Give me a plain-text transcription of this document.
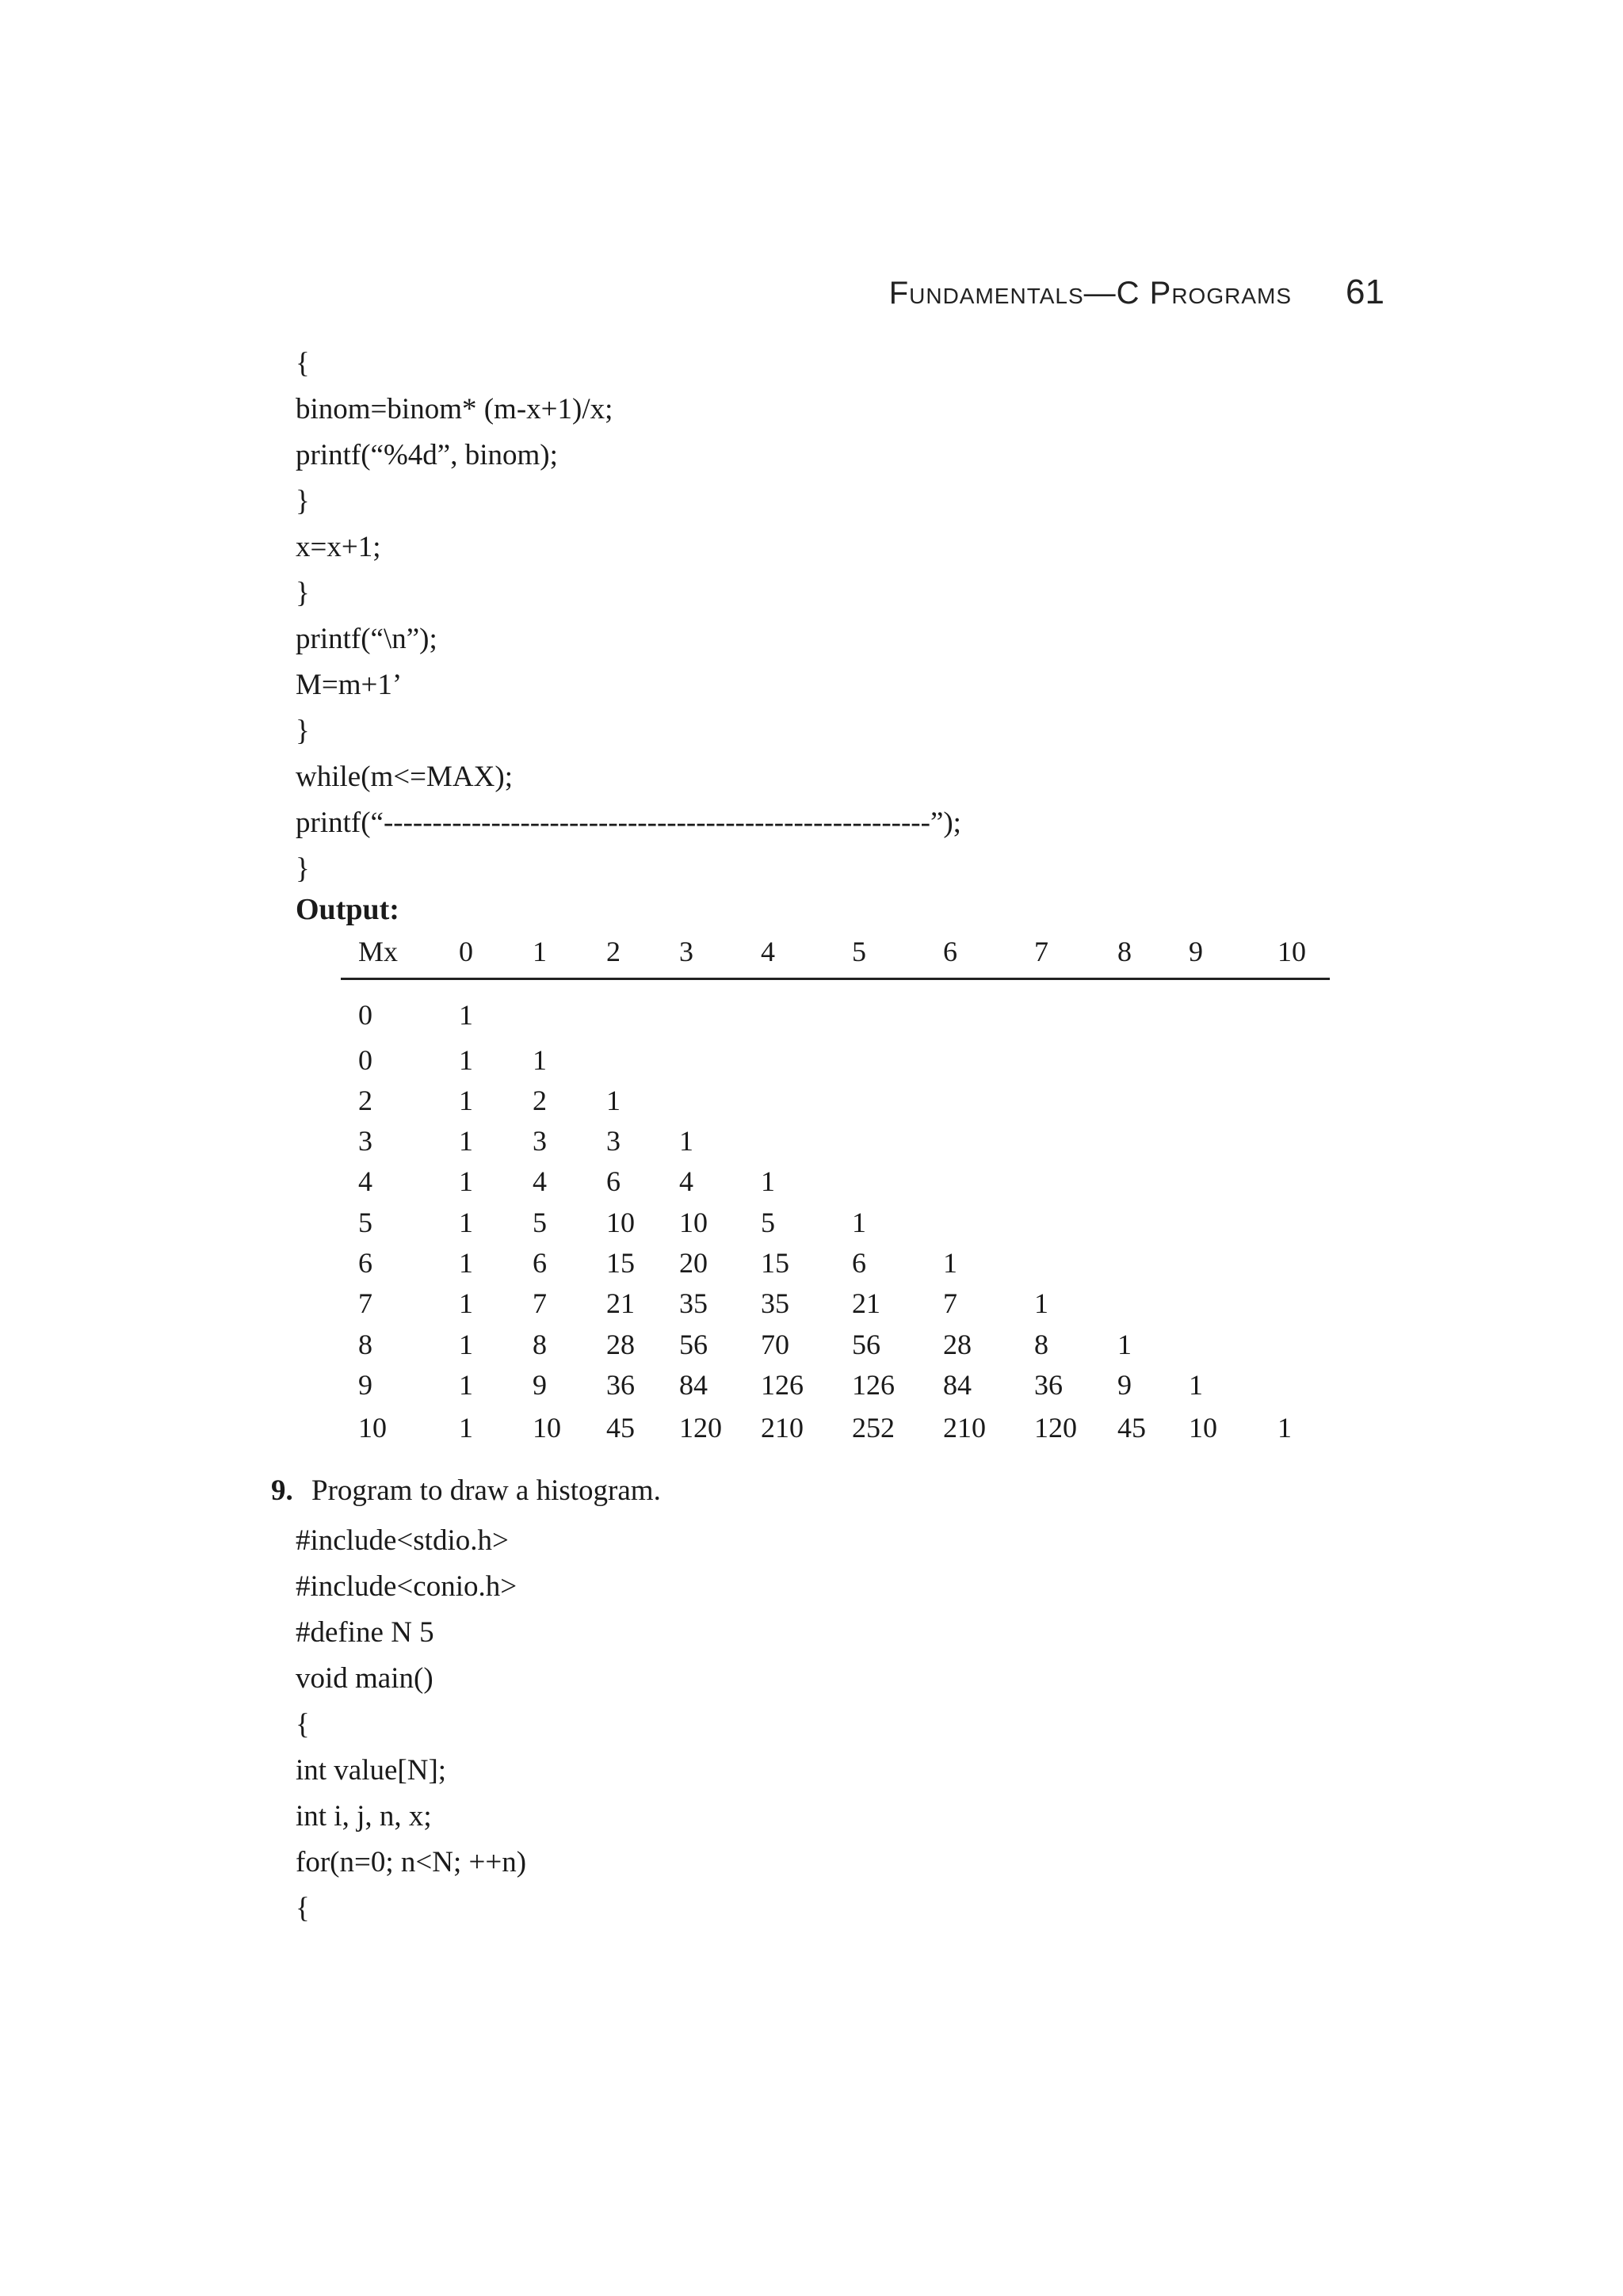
Fundamentals—C Programs 61
{
binom=binom* (m-x+1)/x;
printf(“%4d”, binom);
}
x=x+1;
}
printf(“\n”);
M=m+1’
}
while(m<=MAX);
printf(“--------------------------------------------------------”);
}
Output:
Mx 0 1 2 3 4	5	6	7 8 9	10
0	1
0	1 1
2	1 2 1
3	1 3 3 1
4	1 4 6 4 1
5	1 5 10 10 5	1
6	1 6 15 20 15 6	1
7	1 7 21 35 35 21 7	1
8	1 8 28 56 70 56 28 8 1
9	1 9 36 84 126 126 84 36 9 1
10	1 10 45 120 210 252 210 120 45 10 1
9. Program to draw a histogram.
#include<stdio.h>
#include<conio.h>
#define N 5
void main()
{
int value[N];
int i, j, n, x;
for(n=0; n<N; ++n)
{
